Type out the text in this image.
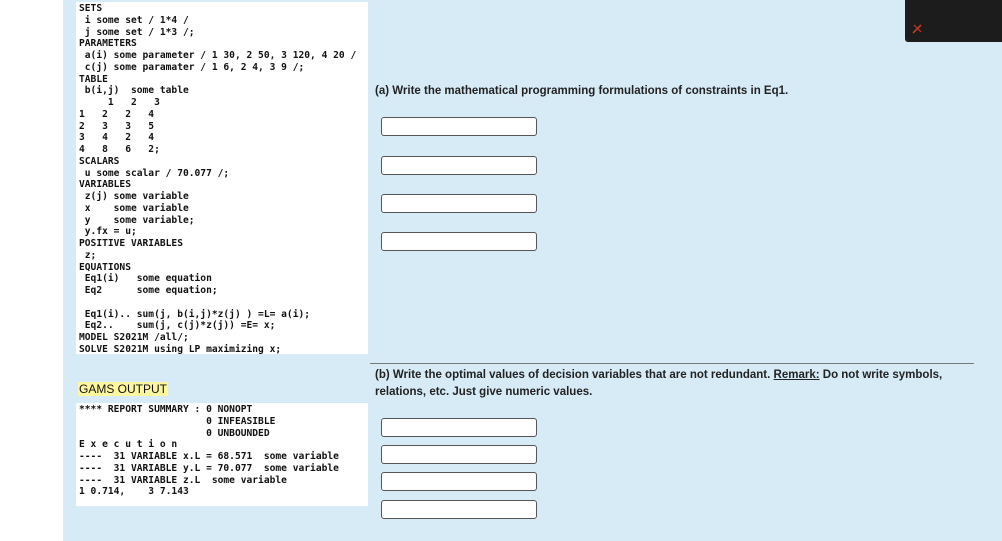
SETS
i some set / 1*4 /
j some set / 1*3 /;
PARAMETERS
a(i) some parameter / 1 30, 2 50, 3 120, 4 20 /
c(j) some paramater / 1 6, 2 4, 3 9 /;
TABLE
b(i,j)  some table
1   2   3
1   2   2   4
2   3   3   5
3   4   2   4
4   8   6   2;
SCALARS
u some scalar / 70.077 /;
VARIABLES
z(j) some variable
x    some variable
y    some variable;
y.fx = u;
POSITIVE VARIABLES
z;
EQUATIONS
Eq1(i)   some equation
Eq2      some equation;

Eq1(i).. sum(j, b(i,j)*z(j) ) =L= a(i);
Eq2..    sum(j, c(j)*z(j)) =E= x;
MODEL S2021M /all/;
SOLVE S2021M using LP maximizing x;
(a) Write the mathematical programming formulations of constraints in Eq1.
(b) Write the optimal values of decision variables that are not redundant. Remark: Do not write symbols, relations, etc. Just give numeric values.
GAMS OUTPUT
**** REPORT SUMMARY : 0 NONOPT
0 INFEASIBLE
0 UNBOUNDED
E x e c u t i o n
----  31 VARIABLE x.L = 68.571  some variable
----  31 VARIABLE y.L = 70.077  some variable
----  31 VARIABLE z.L  some variable
1 0.714,    3 7.143
